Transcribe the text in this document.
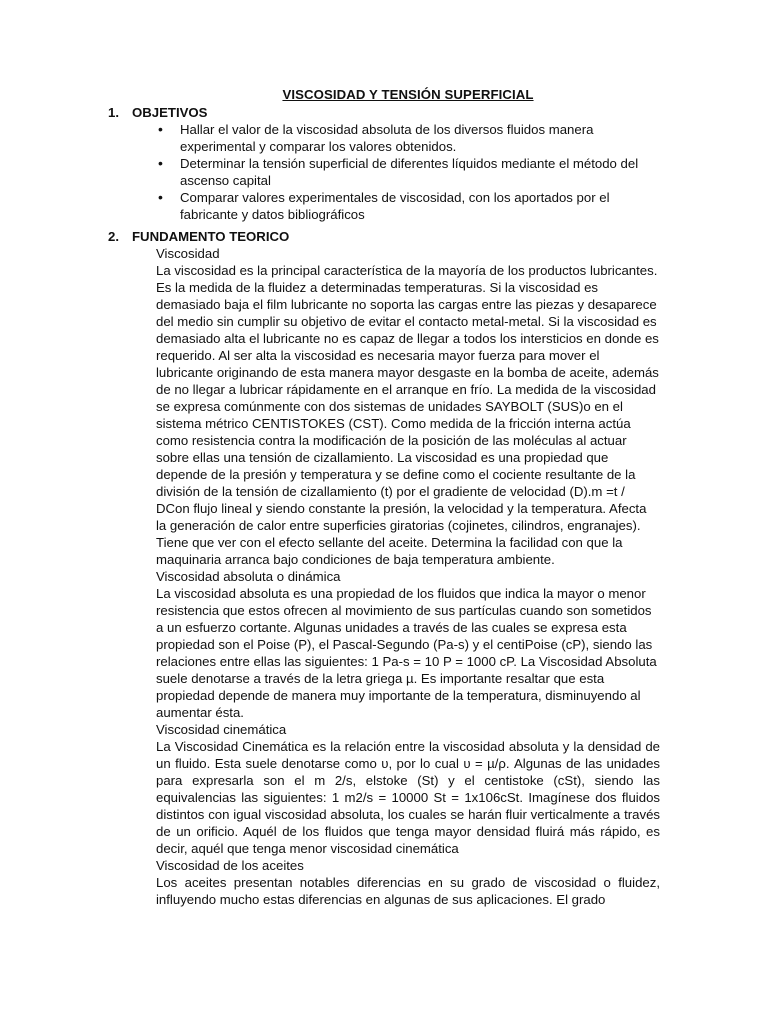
VISCOSIDAD Y TENSIÓN SUPERFICIAL
1. OBJETIVOS
• Hallar el valor de la viscosidad absoluta de los diversos fluidos manera experimental y comparar los valores obtenidos.
• Determinar la tensión superficial de diferentes líquidos mediante el método del ascenso capital
• Comparar valores experimentales de viscosidad, con los aportados por el fabricante y datos bibliográficos
2. FUNDAMENTO TEORICO
Viscosidad

La viscosidad es la principal característica de la mayoría de los productos lubricantes. Es la medida de la fluidez a determinadas temperaturas. Si la viscosidad es demasiado baja el film lubricante no soporta las cargas entre las piezas y desaparece del medio sin cumplir su objetivo de evitar el contacto metal-metal. Si la viscosidad es demasiado alta el lubricante no es capaz de llegar a todos los intersticios en donde es requerido. Al ser alta la viscosidad es necesaria mayor fuerza para mover el lubricante originando de esta manera mayor desgaste en la bomba de aceite, además de no llegar a lubricar rápidamente en el arranque en frío. La medida de la viscosidad se expresa comúnmente con dos sistemas de unidades SAYBOLT (SUS)o en el sistema métrico CENTISTOKES (CST). Como medida de la fricción interna actúa como resistencia contra la modificación de la posición de las moléculas al actuar sobre ellas una tensión de cizallamiento. La viscosidad es una propiedad que depende de la presión y temperatura y se define como el cociente resultante de la división de la tensión de cizallamiento (t) por el gradiente de velocidad (D).m =t / DCon flujo lineal y siendo constante la presión, la velocidad y la temperatura. Afecta la generación de calor entre superficies giratorias (cojinetes, cilindros, engranajes). Tiene que ver con el efecto sellante del aceite. Determina la facilidad con que la maquinaria arranca bajo condiciones de baja temperatura ambiente.

Viscosidad absoluta o dinámica

La viscosidad absoluta es una propiedad de los fluidos que indica la mayor o menor resistencia que estos ofrecen al movimiento de sus partículas cuando son sometidos a un esfuerzo cortante. Algunas unidades a través de las cuales se expresa esta propiedad son el Poise (P), el Pascal-Segundo (Pa-s) y el centiPoise (cP), siendo las relaciones entre ellas las siguientes: 1 Pa-s = 10 P = 1000 cP. La Viscosidad Absoluta suele denotarse a través de la letra griega µ. Es importante resaltar que esta propiedad depende de manera muy importante de la temperatura, disminuyendo al aumentar ésta.

Viscosidad cinemática

La Viscosidad Cinemática es la relación entre la viscosidad absoluta y la densidad de un fluido. Esta suele denotarse como υ, por lo cual υ = µ/ρ. Algunas de las unidades para expresarla son el m 2/s, elstoke (St) y el centistoke (cSt), siendo las equivalencias las siguientes: 1 m2/s = 10000 St = 1x106cSt. Imagínese dos fluidos distintos con igual viscosidad absoluta, los cuales se harán fluir verticalmente a través de un orificio. Aquél de los fluidos que tenga mayor densidad fluirá más rápido, es decir, aquél que tenga menor viscosidad cinemática

Viscosidad de los aceites

Los aceites presentan notables diferencias en su grado de viscosidad o fluidez, influyendo mucho estas diferencias en algunas de sus aplicaciones. El grado
